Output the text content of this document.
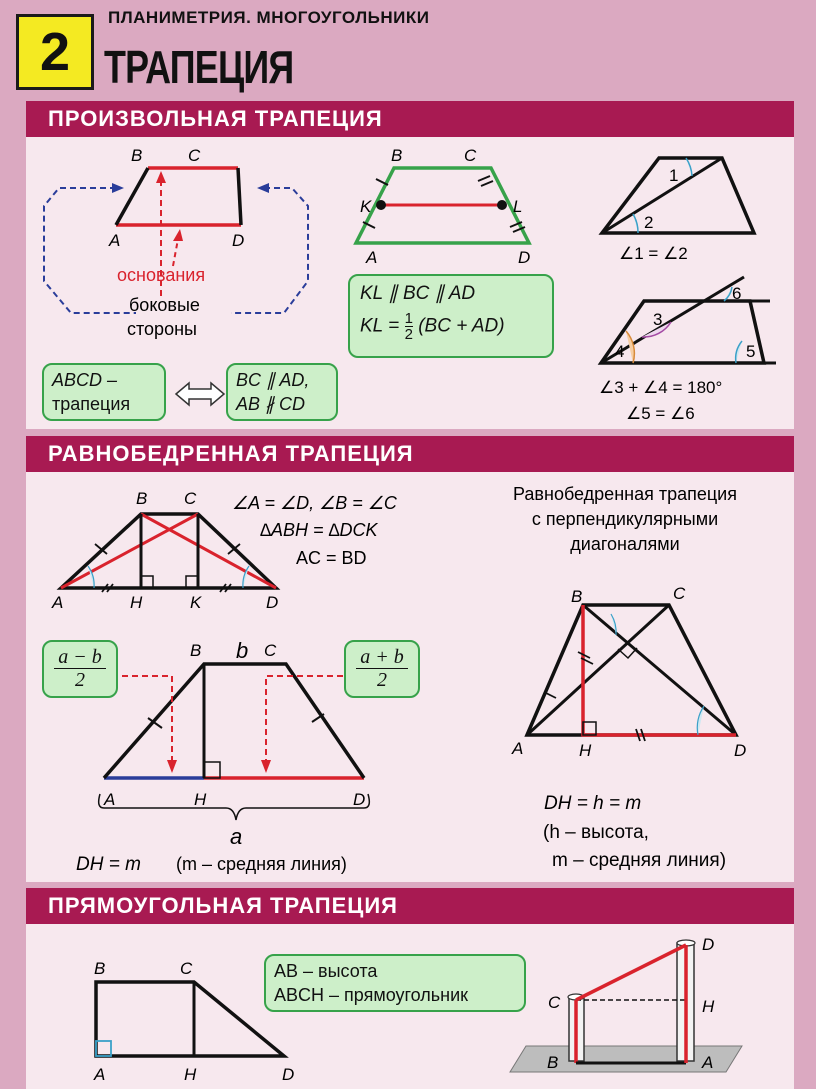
2
ПЛАНИМЕТРИЯ. МНОГОУГОЛЬНИКИ
ТРАПЕЦИЯ
ПРОИЗВОЛЬНАЯ ТРАПЕЦИЯ
B	C
A	D
основания
боковые
стороны
B	C
K	L
A	D
1
2
∠1 = ∠2
3
4	5
6
∠3 + ∠4 = 180°
∠5 = ∠6
KL ∥ BC ∥ AD
KL = $\frac{1}{2} (BC + AD)$
ABCD –
трапеция
BC ∥ AD,
AB ∦ CD
РАВНОБЕДРЕННАЯ ТРАПЕЦИЯ
B C
A	H	K	D
∠A = ∠D, ∠B = ∠C
∆ABH = ∆DCK
AC = BD
Равнобедренная трапеция
с перпендикулярными
диагоналями
B	C
A	H	D
DH = h = m
(h – высота,
m – средняя линия)
B b C
A	H	D
a
DH = m (m – средняя линия)
a − b
2
a + b
2
ПРЯМОУГОЛЬНАЯ ТРАПЕЦИЯ
B	C
A	H	D
C
D
H
B	A
AB – высота
ABCH – прямоугольник
